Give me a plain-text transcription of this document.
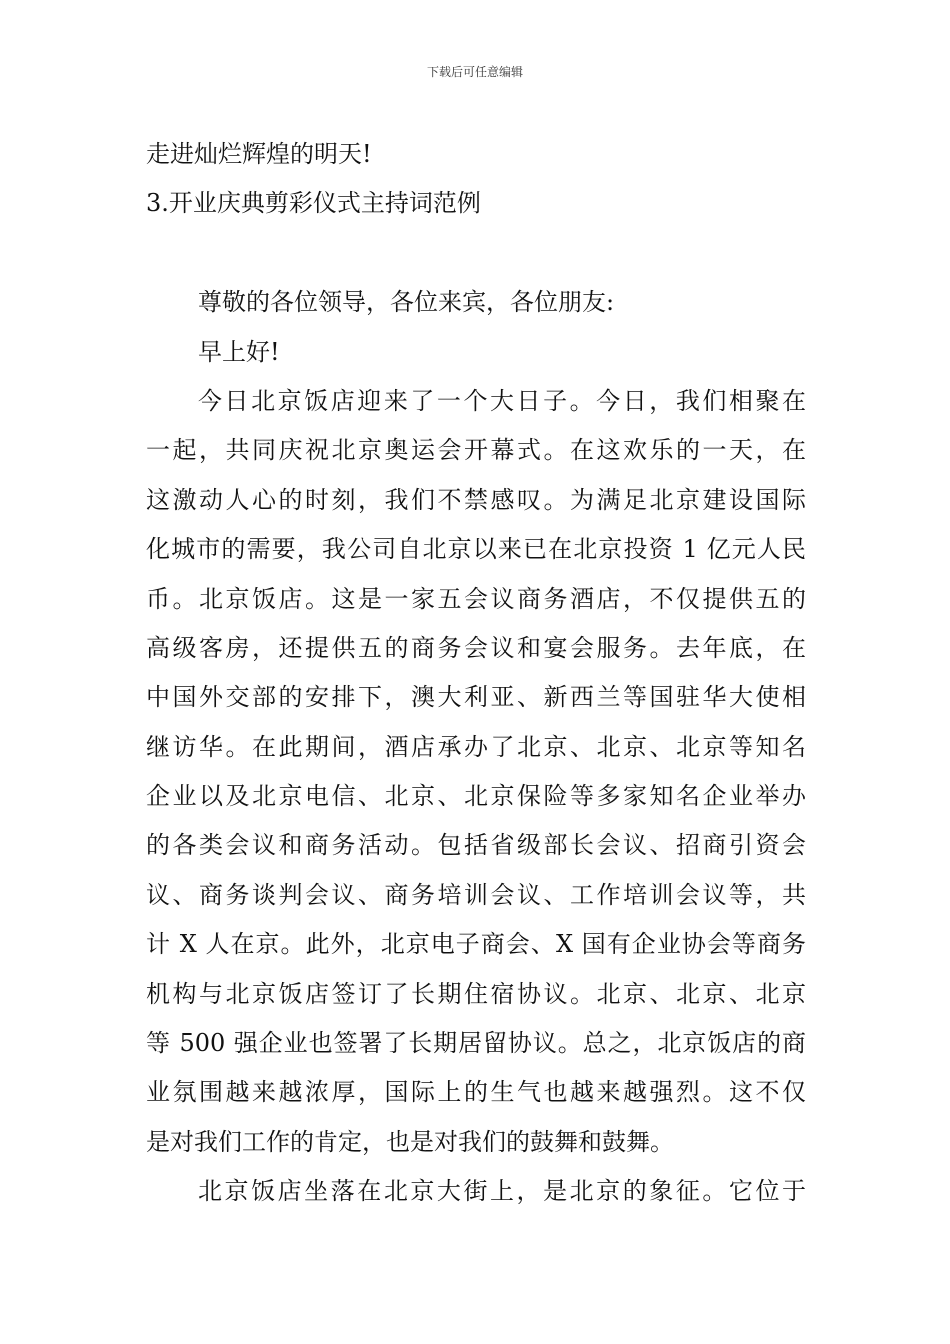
下载后可任意编辑

走进灿烂辉煌的明天!

3.开业庆典剪彩仪式主持词范例

尊敬的各位领导，各位来宾，各位朋友:

早上好!

今日北京饭店迎来了一个大日子。今日，我们相聚在

一起，共同庆祝北京奥运会开幕式。在这欢乐的一天，在

这激动人心的时刻，我们不禁感叹。为满足北京建设国际

化城市的需要，我公司自北京以来已在北京投资 1 亿元人民

币。北京饭店。这是一家五会议商务酒店，不仅提供五的

高级客房，还提供五的商务会议和宴会服务。去年底，在

中国外交部的安排下，澳大利亚、新西兰等国驻华大使相

继访华。在此期间，酒店承办了北京、北京、北京等知名

企业以及北京电信、北京、北京保险等多家知名企业举办

的各类会议和商务活动。包括省级部长会议、招商引资会

议、商务谈判会议、商务培训会议、工作培训会议等，共

计 X 人在京。此外，北京电子商会、X 国有企业协会等商务

机构与北京饭店签订了长期住宿协议。北京、北京、北京

等 500 强企业也签署了长期居留协议。总之，北京饭店的商

业氛围越来越浓厚，国际上的生气也越来越强烈。这不仅

是对我们工作的肯定，也是对我们的鼓舞和鼓舞。

北京饭店坐落在北京大街上，是北京的象征。它位于
